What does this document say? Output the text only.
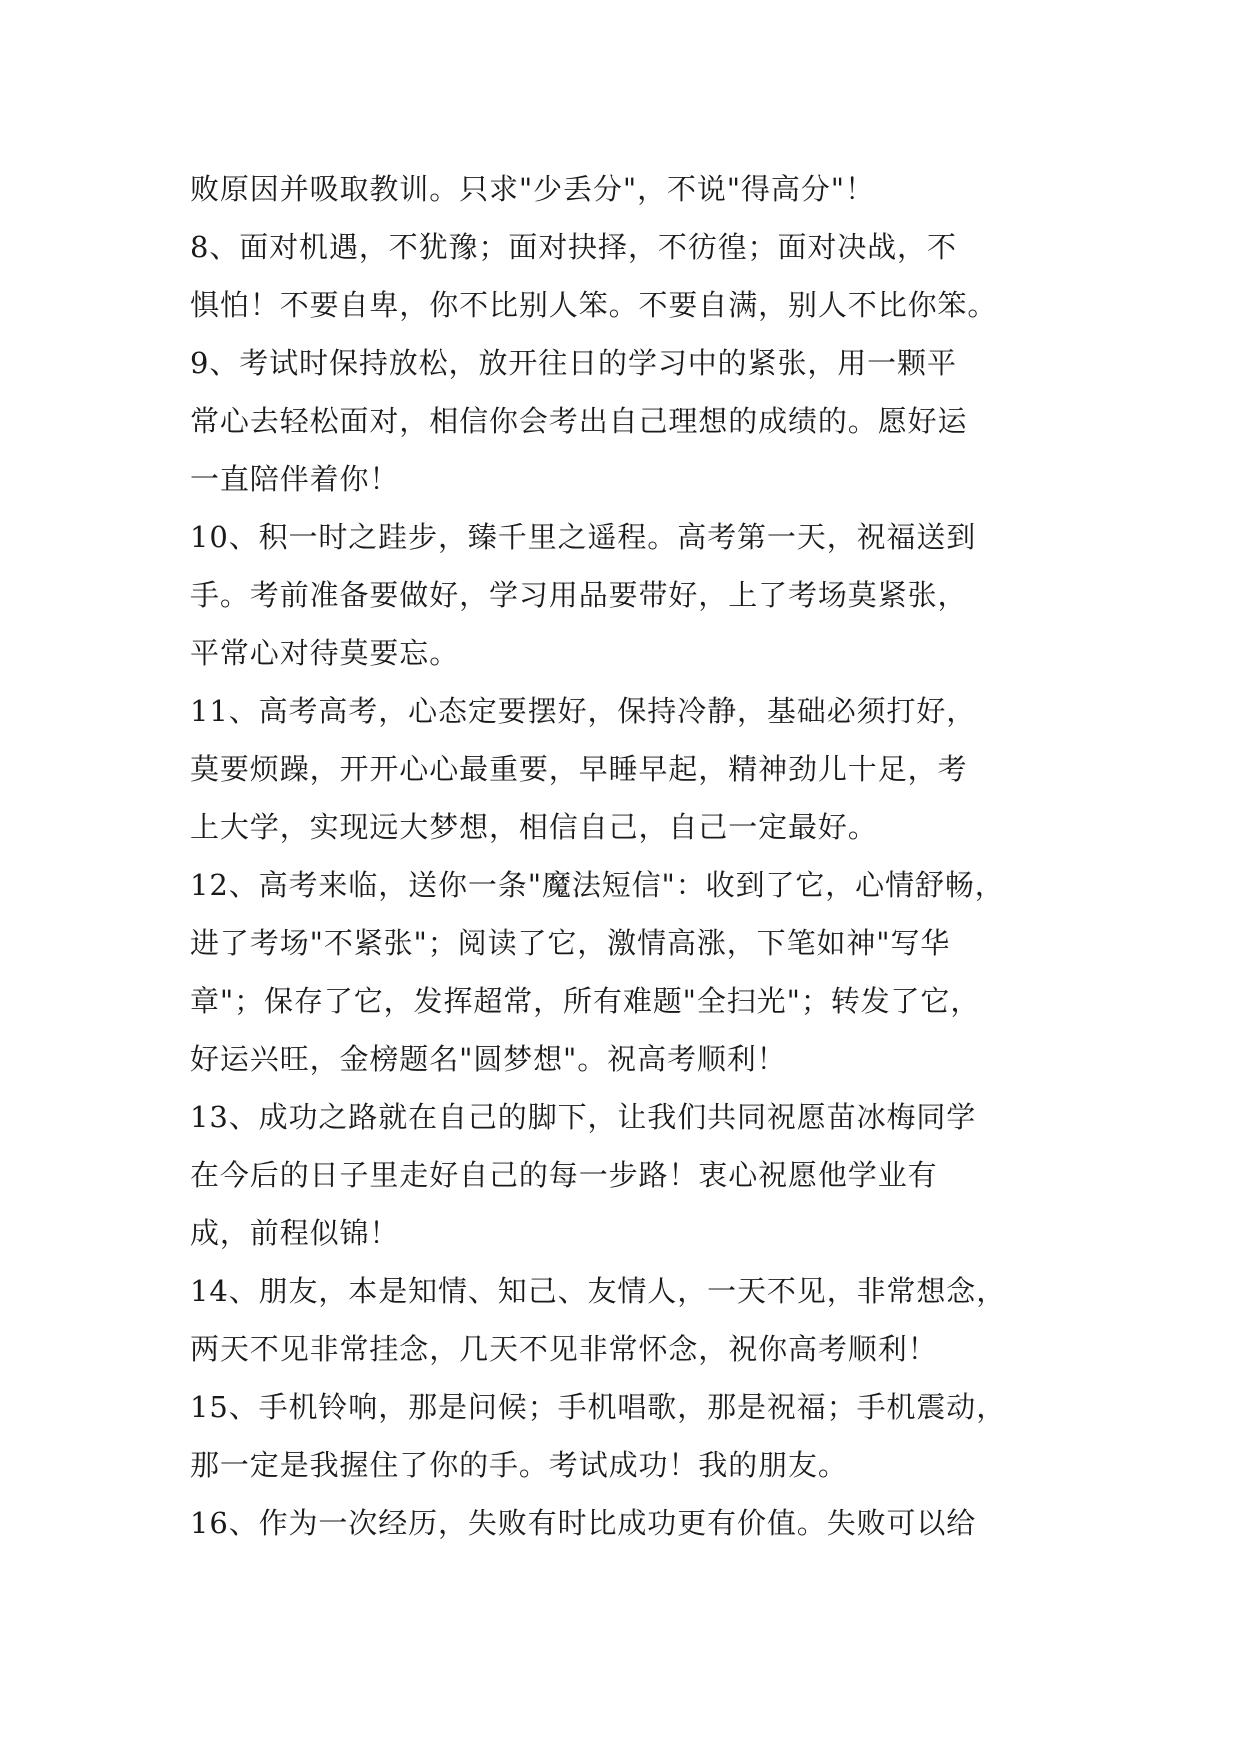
败原因并吸取教训。只求"少丢分"，不说"得高分"！
8、面对机遇，不犹豫；面对抉择，不彷徨；面对决战，不
惧怕！不要自卑，你不比别人笨。不要自满，别人不比你笨。
9、考试时保持放松，放开往日的学习中的紧张，用一颗平
常心去轻松面对，相信你会考出自己理想的成绩的。愿好运
一直陪伴着你！
10、积一时之跬步，臻千里之遥程。高考第一天，祝福送到
手。考前准备要做好，学习用品要带好，上了考场莫紧张，
平常心对待莫要忘。
11、高考高考，心态定要摆好，保持冷静，基础必须打好，
莫要烦躁，开开心心最重要，早睡早起，精神劲儿十足，考
上大学，实现远大梦想，相信自己，自己一定最好。
12、高考来临，送你一条"魔法短信"：收到了它，心情舒畅，
进了考场"不紧张"；阅读了它，激情高涨，下笔如神"写华
章"；保存了它，发挥超常，所有难题"全扫光"；转发了它，
好运兴旺，金榜题名"圆梦想"。祝高考顺利！
13、成功之路就在自己的脚下，让我们共同祝愿苗冰梅同学
在今后的日子里走好自己的每一步路！衷心祝愿他学业有
成，前程似锦！
14、朋友，本是知情、知己、友情人，一天不见，非常想念，
两天不见非常挂念，几天不见非常怀念，祝你高考顺利！
15、手机铃响，那是问候；手机唱歌，那是祝福；手机震动，
那一定是我握住了你的手。考试成功！我的朋友。
16、作为一次经历，失败有时比成功更有价值。失败可以给
